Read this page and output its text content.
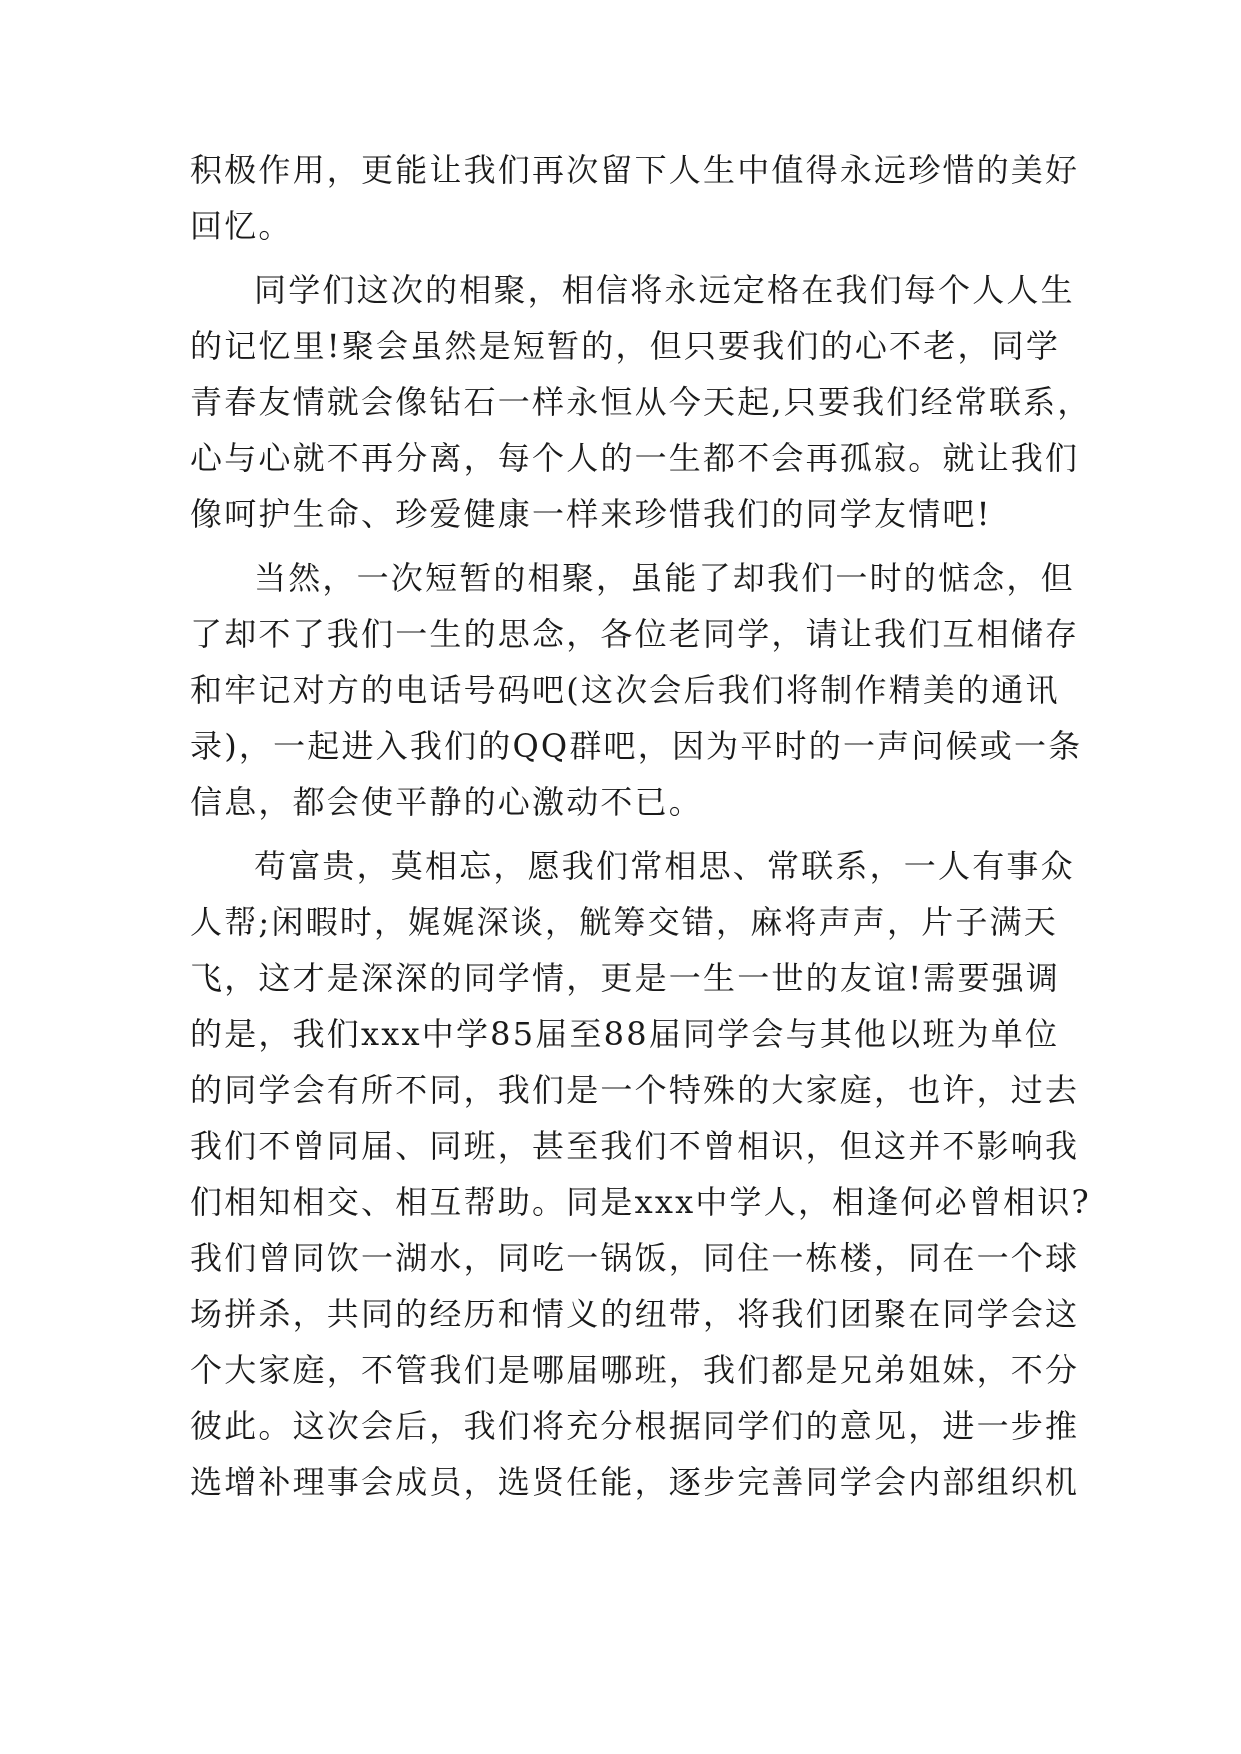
积极作用，更能让我们再次留下人生中值得永远珍惜的美好
回忆。
同学们这次的相聚，相信将永远定格在我们每个人人生
的记忆里!聚会虽然是短暂的，但只要我们的心不老，同学
青春友情就会像钻石一样永恒从今天起,只要我们经常联系，
心与心就不再分离，每个人的一生都不会再孤寂。就让我们
像呵护生命、珍爱健康一样来珍惜我们的同学友情吧!
当然，一次短暂的相聚，虽能了却我们一时的惦念，但
了却不了我们一生的思念，各位老同学，请让我们互相储存
和牢记对方的电话号码吧(这次会后我们将制作精美的通讯
录)，一起进入我们的QQ群吧，因为平时的一声问候或一条
信息，都会使平静的心激动不已。
苟富贵，莫相忘，愿我们常相思、常联系，一人有事众
人帮;闲暇时，娓娓深谈，觥筹交错，麻将声声，片子满天
飞，这才是深深的同学情，更是一生一世的友谊!需要强调
的是，我们xxx中学85届至88届同学会与其他以班为单位
的同学会有所不同，我们是一个特殊的大家庭，也许，过去
我们不曾同届、同班，甚至我们不曾相识，但这并不影响我
们相知相交、相互帮助。同是xxx中学人，相逢何必曾相识?
我们曾同饮一湖水，同吃一锅饭，同住一栋楼，同在一个球
场拼杀，共同的经历和情义的纽带，将我们团聚在同学会这
个大家庭，不管我们是哪届哪班，我们都是兄弟姐妹，不分
彼此。这次会后，我们将充分根据同学们的意见，进一步推
选增补理事会成员，选贤任能，逐步完善同学会内部组织机
